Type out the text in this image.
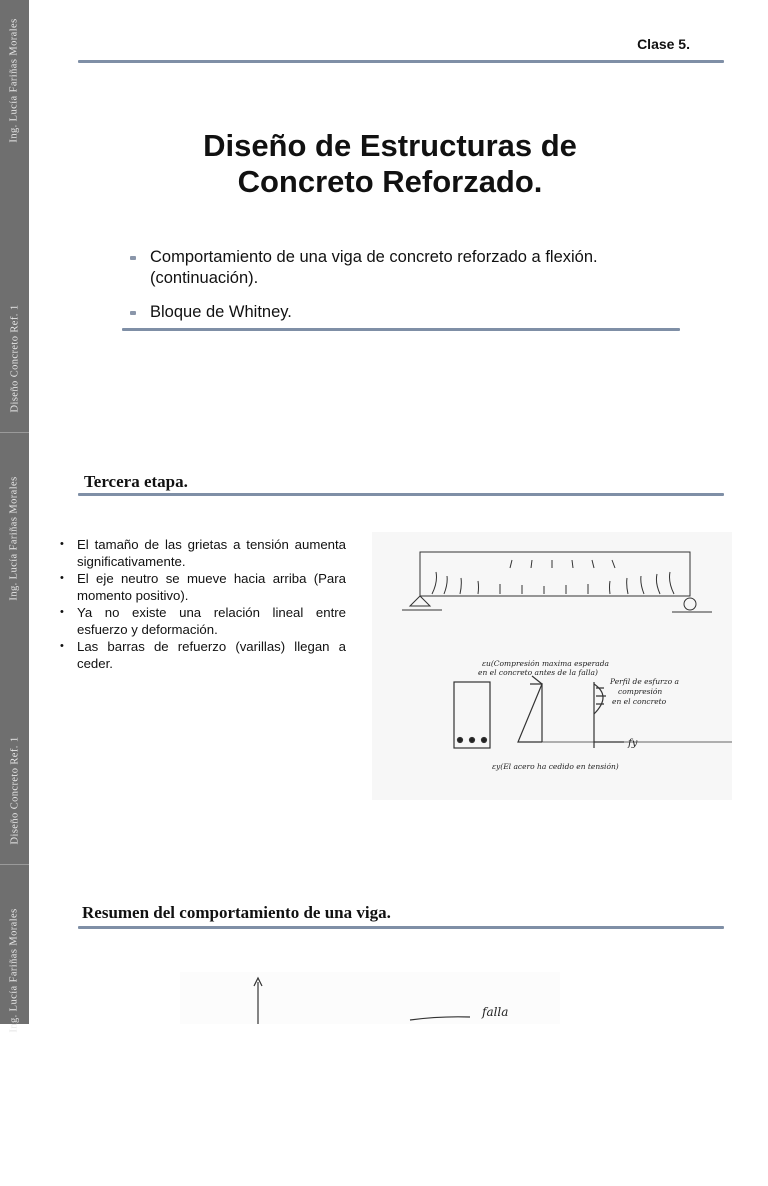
Ing. Lucía Fariñas Morales
Diseño Concreto Ref. 1
Ing. Lucía Fariñas Morales
Diseño Concreto Ref. 1
Ing. Lucía Fariñas Morales
Clase 5.
Diseño de Estructuras de
Concreto Reforzado.
Comportamiento de una viga de concreto reforzado a flexión. (continuación).
Bloque de Whitney.
Tercera etapa.
• El tamaño de las grietas a tensión aumenta significativamente.
• El eje neutro se mueve hacia arriba (Para momento positivo).
• Ya no existe una relación lineal entre esfuerzo y deformación.
• Las barras de refuerzo (varillas) llegan a ceder.	εu(Compresión maxima esperada
en el concreto antes de la falla)
Perfil de esfurzo a
compresión
en el concreto
fy
εy(El acero ha cedido en tensión)
Resumen del comportamiento de una viga.
falla
